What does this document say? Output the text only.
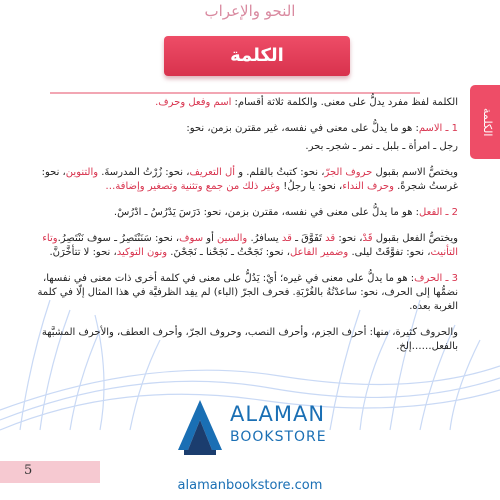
النحو والإعراب
الكلمة
الكلمة

الكلمة لفظ مفرد يدلُّ على معنى. والكلمة ثلاثة أقسام: اسم وفعل وحرف.

1 ـ الاسم: هو ما يدلُّ على معنى في نفسه، غير مقترن بزمن، نحو:

رجل ـ امرأة ـ بلبل ـ نمر ـ شجرـ بحر.

ويختصُّ الاسم بقبول حروف الجرّ، نحو: كتبتُ بالقلم. و أل التعريف، نحو: زُرْتُ المدرسةَ. والتنوين، نحو: غرستُ شجرةً. وحرف النداء، نحو: يا رجلُ! وغير ذلك من جمع وتثنية وتصغير وإضافة…

2 ـ الفعل: هو ما يدلُّ على معنى في نفسه، مقترن بزمن، نحو: دَرَسَ يَدْرُسُ ـ ادْرُسْ.

ويختصُّ الفعل بقبول قَدْ، نحو: قد تَفَوَّقَ ـ قد يسافرُ. والسين أو سوف، نحو: سَنَنْتَصِرُ ـ سوف نَنْتَصِرُ.وتاء التأنيث، نحو: تفوَّقَتْ ليلى. وضمير الفاعل، نحو: نَجَحْتُ ـ نَجَحْنا ـ نَجَحْنَ. ونون التوكيد، نحو: لا تتأخَّرَنَّ.

3 ـ الحرف: هو ما يدلُّ على معنى في غيره؛ أيْ: يَدُلُّ على معنى في كلمة أخرى ذات معنى في نفسها، نضمُّها إلى الحرف، نحو: ساعدْتُهُ بالغُرْبَةِ. فحرف الجرّ (الباء) لم يفِد الظرفيَّة في هذا المثال إلّا في كلمة الغربة بعده.

والحروف كثيرة، منها: أحرف الجزم، وأحرف النصب، وحروف الجرّ، وأحرف العطف، والأحرف المشبَّهة بالفعل……إلخ.

5
ALAMAN
BOOKSTORE
alamanbookstore.com
